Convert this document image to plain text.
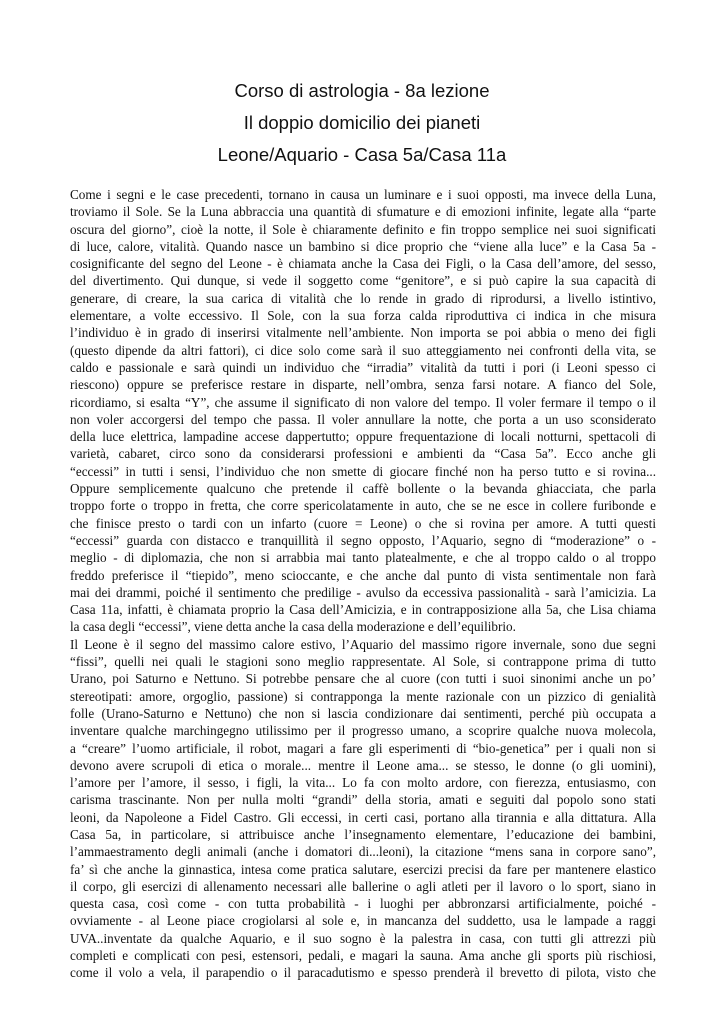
Corso di astrologia - 8a lezione
Il doppio domicilio dei pianeti
Leone/Aquario - Casa 5a/Casa 11a
Come i segni e le case precedenti, tornano in causa un luminare e i suoi opposti, ma invece della Luna,
troviamo il Sole. Se la Luna abbraccia una quantità di sfumature e di emozioni infinite, legate alla “parte
oscura del giorno”, cioè la notte, il Sole è chiaramente definito e fin troppo semplice nei suoi significati
di luce, calore, vitalità. Quando nasce un bambino si dice proprio che “viene alla luce” e la Casa 5a -
cosignificante del segno del Leone - è chiamata anche la Casa dei Figli, o la Casa dell’amore, del sesso,
del divertimento. Qui dunque, si vede il soggetto come “genitore”, e si può capire la sua capacità di
generare, di creare, la sua carica di vitalità che lo rende in grado di riprodursi, a livello istintivo,
elementare, a volte eccessivo. Il Sole, con la sua forza calda riproduttiva ci indica in che misura
l’individuo è in grado di inserirsi vitalmente nell’ambiente. Non importa se poi abbia o meno dei figli
(questo dipende da altri fattori), ci dice solo come sarà il suo atteggiamento nei confronti della vita, se
caldo e passionale e sarà quindi un individuo che “irradia” vitalità da tutti i pori (i Leoni spesso ci
riescono) oppure se preferisce restare in disparte, nell’ombra, senza farsi notare. A fianco del Sole,
ricordiamo, si esalta “Y”, che assume il significato di non valore del tempo. Il voler fermare il tempo o il
non voler accorgersi del tempo che passa. Il voler annullare la notte, che porta a un uso sconsiderato
della luce elettrica, lampadine accese dappertutto; oppure frequentazione di locali notturni, spettacoli di
varietà, cabaret, circo sono da considerarsi professioni e ambienti da “Casa 5a”. Ecco anche gli
“eccessi” in tutti i sensi, l’individuo che non smette di giocare finché non ha perso tutto e si rovina...
Oppure semplicemente qualcuno che pretende il caffè bollente o la bevanda ghiacciata, che parla
troppo forte o troppo in fretta, che corre spericolatamente in auto, che se ne esce in collere furibonde e
che finisce presto o tardi con un infarto (cuore = Leone) o che si rovina per amore. A tutti questi
“eccessi” guarda con distacco e tranquillità il segno opposto, l’Aquario, segno di “moderazione” o -
meglio - di diplomazia, che non si arrabbia mai tanto platealmente, e che al troppo caldo o al troppo
freddo preferisce il “tiepido”, meno scioccante, e che anche dal punto di vista sentimentale non farà
mai dei drammi, poiché il sentimento che predilige - avulso da eccessiva passionalità - sarà l’amicizia. La
Casa 11a, infatti, è chiamata proprio la Casa dell’Amicizia, e in contrapposizione alla 5a, che Lisa chiama
la casa degli “eccessi”, viene detta anche la casa della moderazione e dell’equilibrio.
Il Leone è il segno del massimo calore estivo, l’Aquario del massimo rigore invernale, sono due segni
“fissi”, quelli nei quali le stagioni sono meglio rappresentate. Al Sole, si contrappone prima di tutto
Urano, poi Saturno e Nettuno. Si potrebbe pensare che al cuore (con tutti i suoi sinonimi anche un po’
stereotipati: amore, orgoglio, passione) si contrapponga la mente razionale con un pizzico di genialità
folle (Urano-Saturno e Nettuno) che non si lascia condizionare dai sentimenti, perché più occupata a
inventare qualche marchingegno utilissimo per il progresso umano, a scoprire qualche nuova molecola,
a “creare” l’uomo artificiale, il robot, magari a fare gli esperimenti di “bio-genetica” per i quali non si
devono avere scrupoli di etica o morale... mentre il Leone ama... se stesso, le donne (o gli uomini),
l’amore per l’amore, il sesso, i figli, la vita... Lo fa con molto ardore, con fierezza, entusiasmo, con
carisma trascinante. Non per nulla molti “grandi” della storia, amati e seguiti dal popolo sono stati
leoni, da Napoleone a Fidel Castro. Gli eccessi, in certi casi, portano alla tirannia e alla dittatura. Alla
Casa 5a, in particolare, si attribuisce anche l’insegnamento elementare, l’educazione dei bambini,
l’ammaestramento degli animali (anche i domatori di...leoni), la citazione “mens sana in corpore sano”,
fa’ sì che anche la ginnastica, intesa come pratica salutare, esercizi precisi da fare per mantenere elastico
il corpo, gli esercizi di allenamento necessari alle ballerine o agli atleti per il lavoro o lo sport, siano in
questa casa, così come - con tutta probabilità - i luoghi per abbronzarsi artificialmente, poiché -
ovviamente - al Leone piace crogiolarsi al sole e, in mancanza del suddetto, usa le lampade a raggi
UVA..inventate da qualche Aquario, e il suo sogno è la palestra in casa, con tutti gli attrezzi più
completi e complicati con pesi, estensori, pedali, e magari la sauna. Ama anche gli sports più rischiosi,
come il volo a vela, il parapendio o il paracadutismo e spesso prenderà il brevetto di pilota, visto che
